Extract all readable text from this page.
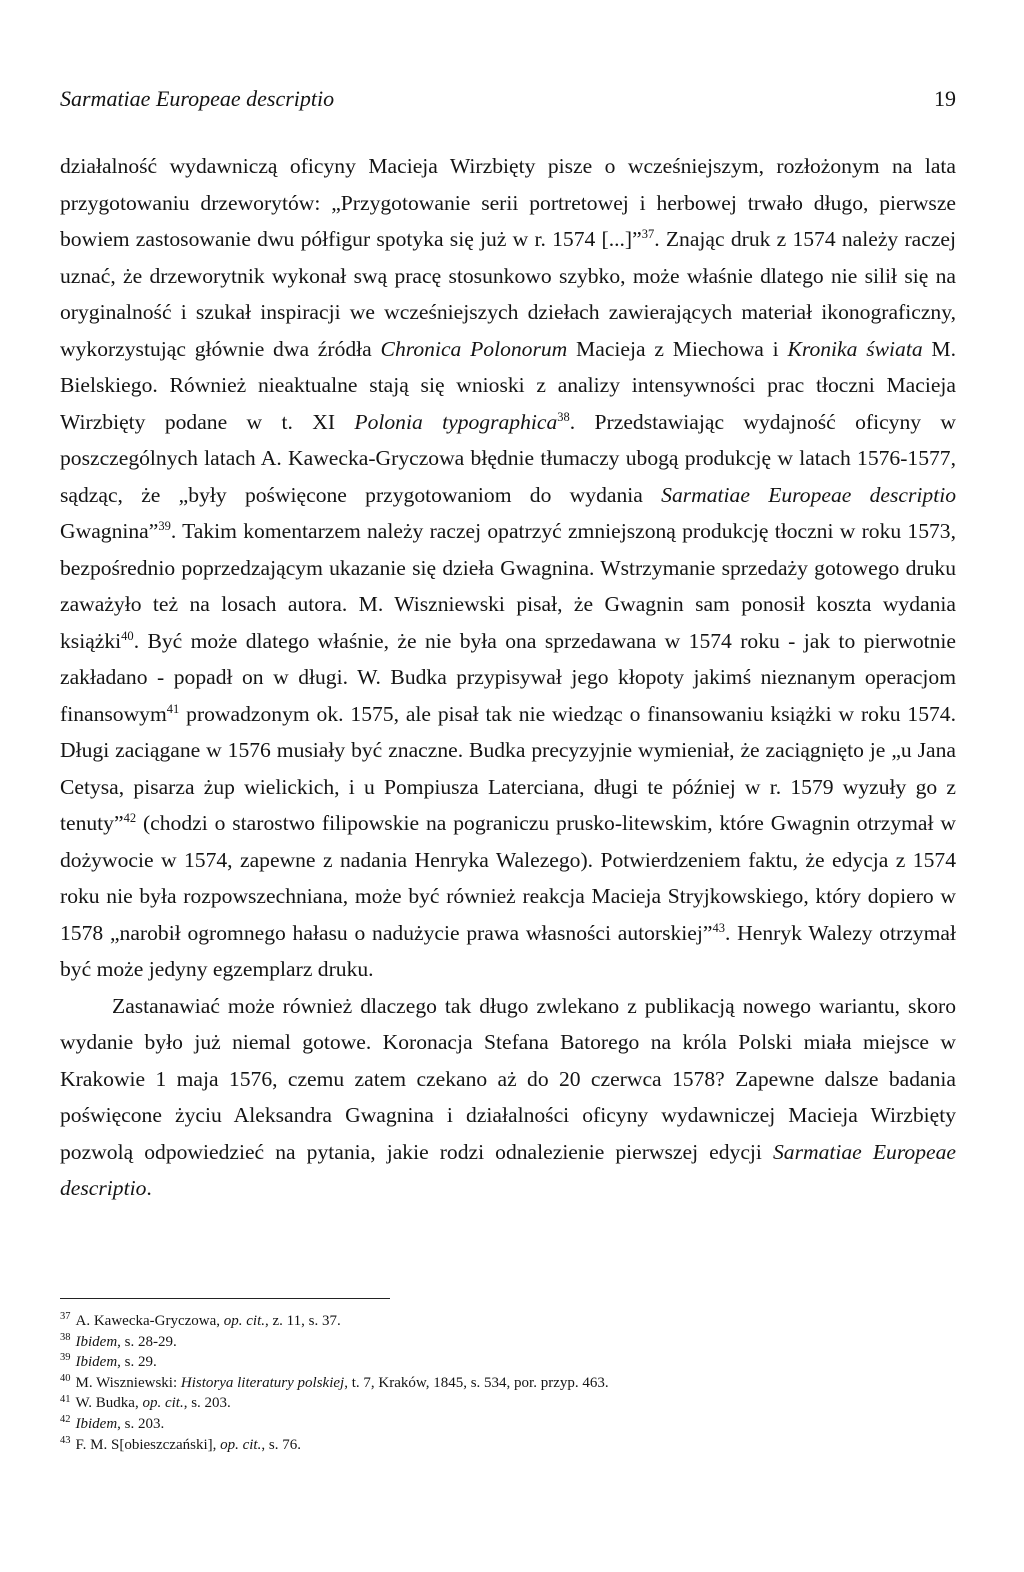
Sarmatiae Europeae descriptio	19

działalność wydawniczą oficyny Macieja Wirzbięty pisze o wcześniejszym, rozłożonym na lata przygotowaniu drzeworytów: „Przygotowanie serii portretowej i herbowej trwało długo, pierwsze bowiem zastosowanie dwu półfigur spotyka się już w r. 1574 [...]”$^{37}$. Znając druk z 1574 należy raczej uznać, że drzeworytnik wykonał swą pracę stosunkowo szybko, może właśnie dlatego nie silił się na oryginalność i szukał inspiracji we wcześniejszych dziełach zawierających materiał ikonograficzny, wykorzystując głównie dwa źródła Chronica Polonorum Macieja z Miechowa i Kronika świata M. Bielskiego. Również nieaktualne stają się wnioski z analizy intensywności prac tłoczni Macieja Wirzbięty podane w t. XI Polonia typographica$^{38}$. Przedstawiając wydajność oficyny w poszczególnych latach A. Kawecka-Gryczowa błędnie tłumaczy ubogą produkcję w latach 1576-1577, sądząc, że „były poświęcone przygotowaniom do wydania Sarmatiae Europeae descriptio Gwagnina”$^{39}$. Takim komentarzem należy raczej opatrzyć zmniejszoną produkcję tłoczni w roku 1573, bezpośrednio poprzedzającym ukazanie się dzieła Gwagnina. Wstrzymanie sprzedaży gotowego druku zaważyło też na losach autora. M. Wiszniewski pisał, że Gwagnin sam ponosił koszta wydania książki$^{40}$. Być może dlatego właśnie, że nie była ona sprzedawana w 1574 roku - jak to pierwotnie zakładano - popadł on w długi. W. Budka przypisywał jego kłopoty jakimś nieznanym operacjom finansowym$^{41}$ prowadzonym ok. 1575, ale pisał tak nie wiedząc o finansowaniu książki w roku 1574. Długi zaciągane w 1576 musiały być znaczne. Budka precyzyjnie wymieniał, że zaciągnięto je „u Jana Cetysa, pisarza żup wielickich, i u Pompiusza Laterciana, długi te później w r. 1579 wyzuły go z tenuty”$^{42}$ (chodzi o starostwo filipowskie na pograniczu prusko-litewskim, które Gwagnin otrzymał w dożywocie w 1574, zapewne z nadania Henryka Walezego). Potwierdzeniem faktu, że edycja z 1574 roku nie była rozpowszechniana, może być również reakcja Macieja Stryjkowskiego, który dopiero w 1578 „narobił ogromnego hałasu o nadużycie prawa własności autorskiej”$^{43}$. Henryk Walezy otrzymał być może jedyny egzemplarz druku.

Zastanawiać może również dlaczego tak długo zwlekano z publikacją nowego wariantu, skoro wydanie było już niemal gotowe. Koronacja Stefana Batorego na króla Polski miała miejsce w Krakowie 1 maja 1576, czemu zatem czekano aż do 20 czerwca 1578? Zapewne dalsze badania poświęcone życiu Aleksandra Gwagnina i działalności oficyny wydawniczej Macieja Wirzbięty pozwolą odpowiedzieć na pytania, jakie rodzi odnalezienie pierwszej edycji Sarmatiae Europeae descriptio.

$^{37}$ A. Kawecka-Gryczowa, op. cit., z. 11, s. 37.
$^{38}$ Ibidem, s. 28-29.
$^{39}$ Ibidem, s. 29.
$^{40}$ M. Wiszniewski: Historya literatury polskiej, t. 7, Kraków, 1845, s. 534, por. przyp. 463.
$^{41}$ W. Budka, op. cit., s. 203.
$^{42}$ Ibidem, s. 203.
$^{43}$ F. M. S[obieszczański], op. cit., s. 76.
